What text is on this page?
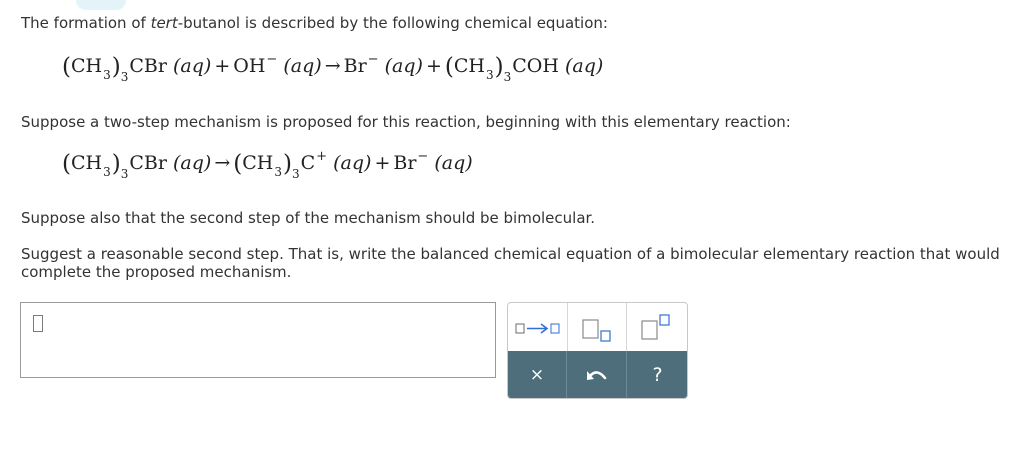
The formation of tert-butanol is described by the following chemical equation:
$(CH_3)_3CBr$ (aq) + OH− (aq) → Br− $(aq) + (CH_3)_3COH$ (aq)
Suppose a two-step mechanism is proposed for this reaction, beginning with this elementary reaction:
$(CH_3)_3CBr$ $(aq) \to (CH_3)_3C^+$ (aq) + Br− (aq)
Suppose also that the second step of the mechanism should be bimolecular.
Suggest a reasonable second step. That is, write the balanced chemical equation of a bimolecular elementary reaction that would complete the proposed mechanism.
×	?
